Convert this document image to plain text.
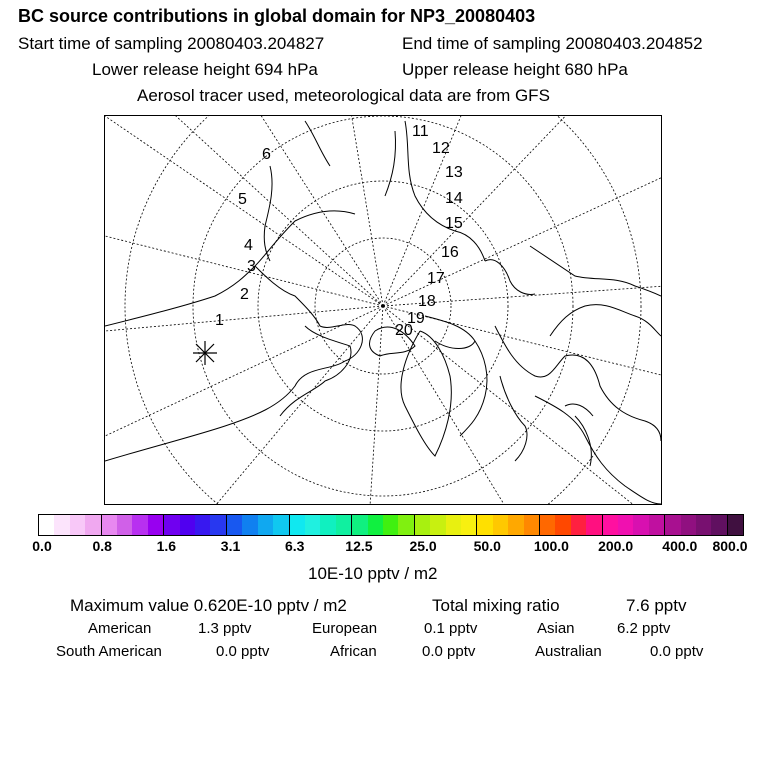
BC source contributions in global domain for NP3_20080403
Start time of sampling 20080403.204827	End time of sampling 20080403.204852
Lower release height 694 hPa	Upper release height 680 hPa
Aerosol tracer used, meteorological data are from GFS
1
2
3
4
5
6
11
12
13
14
15
16
17
18
19
20
0.0	0.8	1.6	3.1	6.3	12.5	25.0	50.0 100.0 200.0 400.0 800.0
10E-10 pptv / m2
Maximum value 0.620E-10 pptv / m2	Total mixing ratio	7.6 pptv
American	1.3 pptv	European	0.1 pptv	Asian	6.2 pptv
South American	0.0 pptv	African	0.0 pptv	Australian	0.0 pptv
